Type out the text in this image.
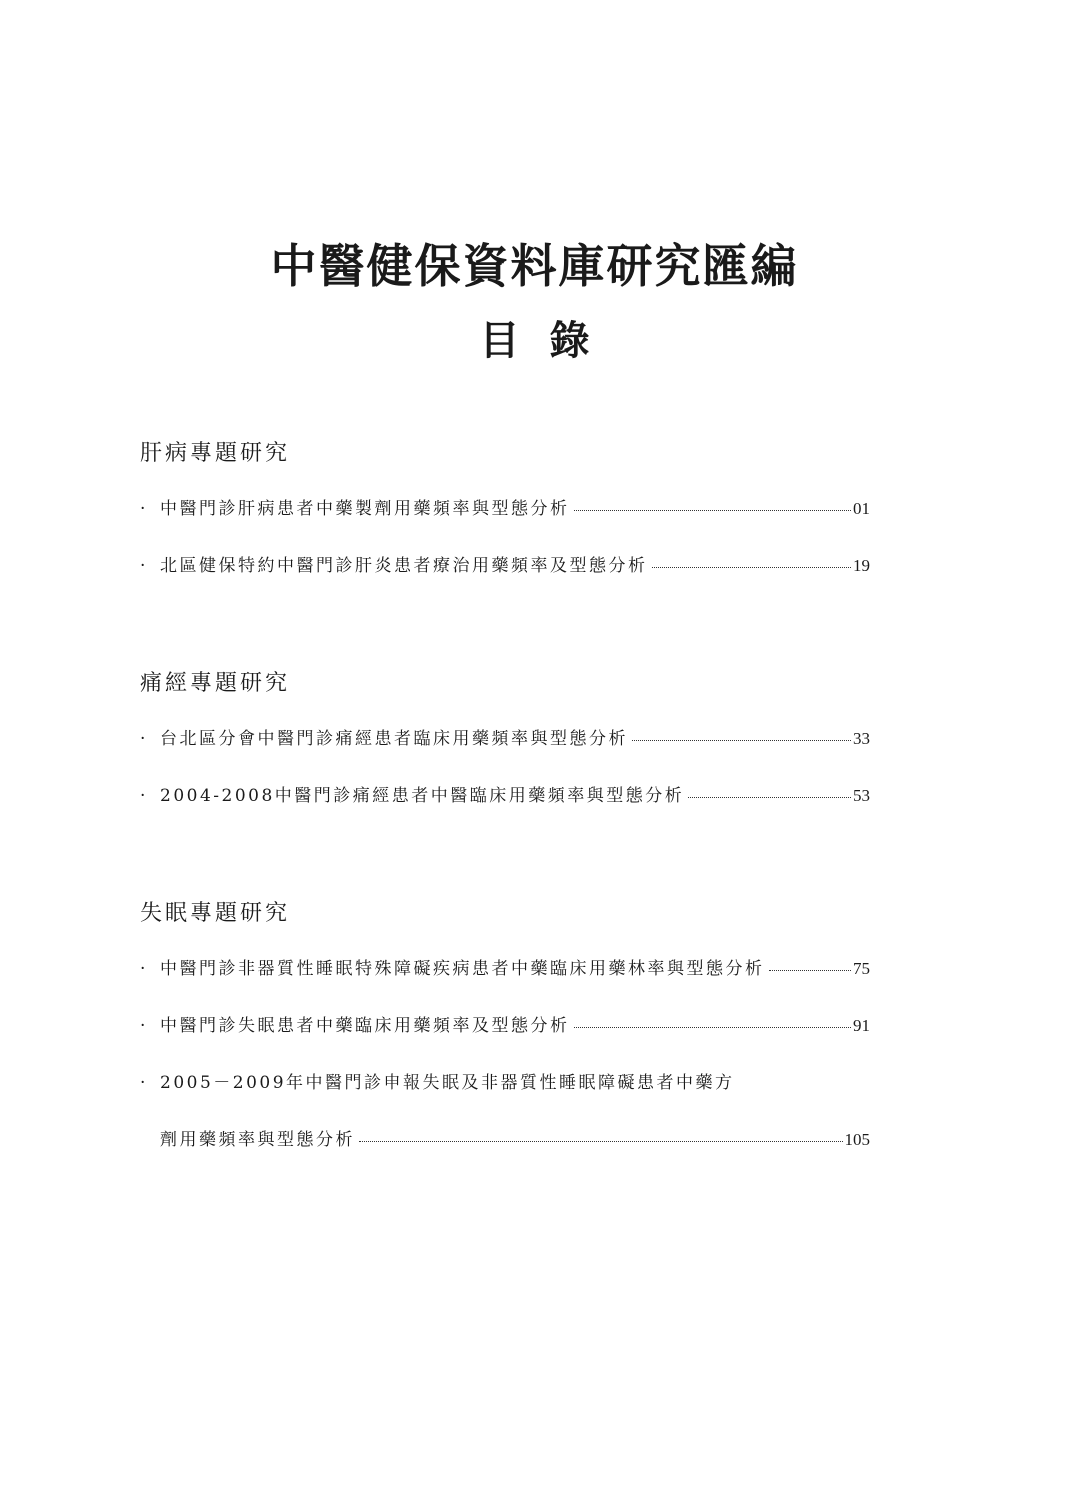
中醫健保資料庫研究匯編
目錄
肝病專題研究
· 中醫門診肝病患者中藥製劑用藥頻率與型態分析	01
· 北區健保特約中醫門診肝炎患者療治用藥頻率及型態分析	19
痛經專題研究
· 台北區分會中醫門診痛經患者臨床用藥頻率與型態分析	33
· 2004-2008中醫門診痛經患者中醫臨床用藥頻率與型態分析	53
失眠專題研究
· 中醫門診非器質性睡眠特殊障礙疾病患者中藥臨床用藥林率與型態分析	75
· 中醫門診失眠患者中藥臨床用藥頻率及型態分析	91
· 2005－2009年中醫門診申報失眠及非器質性睡眠障礙患者中藥方
劑用藥頻率與型態分析	105
